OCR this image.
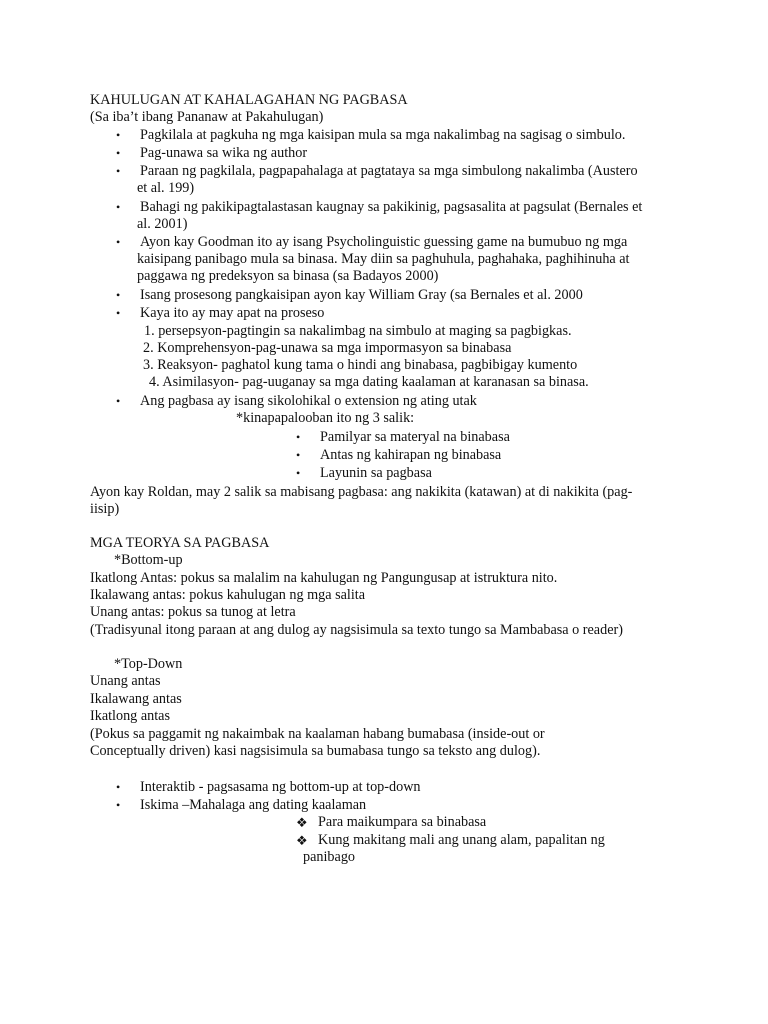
KAHULUGAN AT KAHALAGAHAN NG PAGBASA

(Sa iba’t ibang Pananaw at Pakahulugan)

• Pagkilala at pagkuha ng mga kaisipan mula sa mga nakalimbag na sagisag o simbulo.

• Pag-unawa sa wika ng author

• Paraan ng pagkilala, pagpapahalaga at pagtataya sa mga simbulong nakalimba (Austero

et al. 199)

• Bahagi ng pakikipagtalastasan kaugnay sa pakikinig, pagsasalita at pagsulat (Bernales et

al. 2001)

• Ayon kay Goodman ito ay isang Psycholinguistic guessing game na bumubuo ng mga

kaisipang panibago mula sa binasa. May diin sa paghuhula, paghahaka, paghihinuha at

paggawa ng predeksyon sa binasa (sa Badayos 2000)

• Isang prosesong pangkaisipan ayon kay William Gray (sa Bernales et al. 2000

• Kaya ito ay may apat na proseso

1. persepsyon-pagtingin sa nakalimbag na simbulo at maging sa pagbigkas.

2. Komprehensyon-pag-unawa sa mga impormasyon sa binabasa

3. Reaksyon- paghatol kung tama o hindi ang binabasa, pagbibigay kumento

4. Asimilasyon- pag-uuganay sa mga dating kaalaman at karanasan sa binasa.

• Ang pagbasa ay isang sikolohikal o extension ng ating utak

*kinapapalooban ito ng 3 salik:

• Pamilyar sa materyal na binabasa

• Antas ng kahirapan ng binabasa

• Layunin sa pagbasa

Ayon kay Roldan, may 2 salik sa mabisang pagbasa: ang nakikita (katawan) at di nakikita (pag-

iisip)

MGA TEORYA SA PAGBASA

*Bottom-up

Ikatlong Antas: pokus sa malalim na kahulugan ng Pangungusap at istruktura nito.

Ikalawang antas: pokus kahulugan ng mga salita

Unang antas: pokus sa tunog at letra

(Tradisyunal itong paraan at ang dulog ay nagsisimula sa texto tungo sa Mambabasa o reader)

*Top-Down

Unang antas

Ikalawang antas

Ikatlong antas

(Pokus sa paggamit ng nakaimbak na kaalaman habang bumabasa (inside-out or

Conceptually driven) kasi nagsisimula sa bumabasa tungo sa teksto ang dulog).

• Interaktib - pagsasama ng bottom-up at top-down

• Iskima –Mahalaga ang dating kaalaman

❖ Para maikumpara sa binabasa

❖ Kung makitang mali ang unang alam, papalitan ng

panibago
